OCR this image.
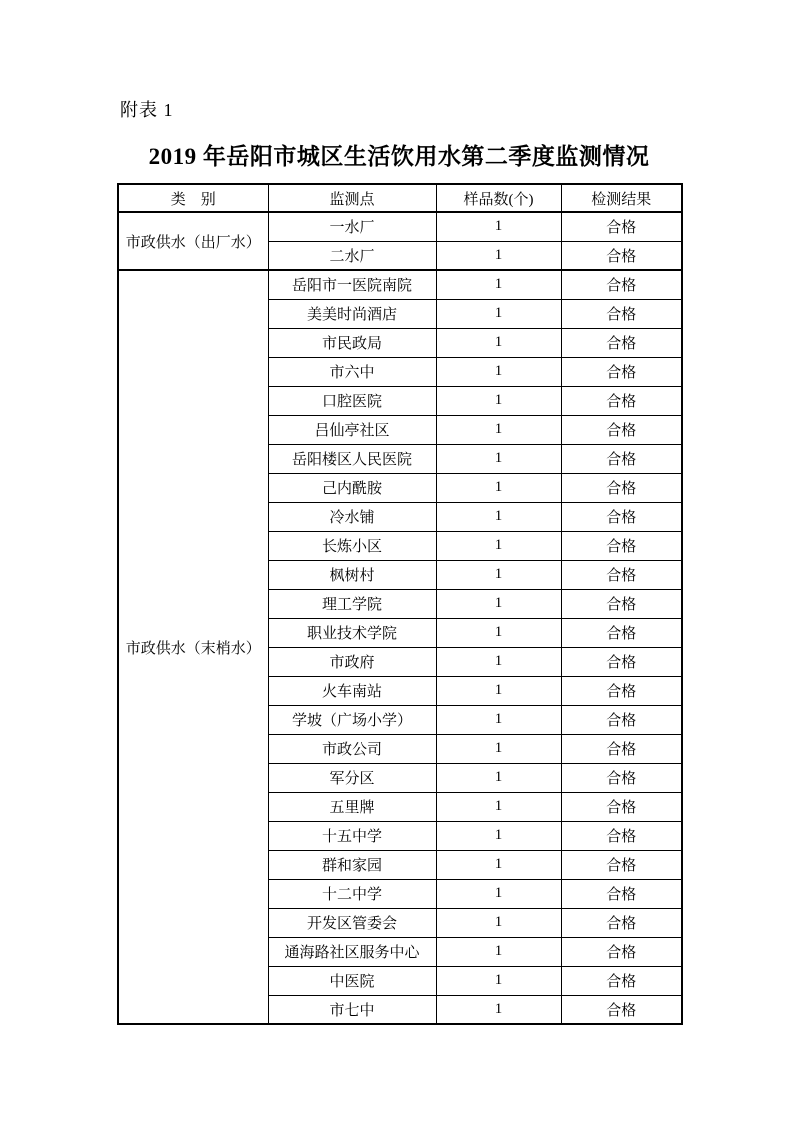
附表 1
2019 年岳阳市城区生活饮用水第二季度监测情况
类　别	监测点	样品数(个)	检测结果
市政供水（出厂水）	一水厂	1	合格
	二水厂	1	合格
市政供水（末梢水）	岳阳市一医院南院	1	合格
	美美时尚酒店	1	合格
	市民政局	1	合格
	市六中	1	合格
	口腔医院	1	合格
	吕仙亭社区	1	合格
	岳阳楼区人民医院	1	合格
	己内酰胺	1	合格
	冷水铺	1	合格
	长炼小区	1	合格
	枫树村	1	合格
	理工学院	1	合格
	职业技术学院	1	合格
	市政府	1	合格
	火车南站	1	合格
	学坡（广场小学）	1	合格
	市政公司	1	合格
	军分区	1	合格
	五里牌	1	合格
	十五中学	1	合格
	群和家园	1	合格
	十二中学	1	合格
	开发区管委会	1	合格
	通海路社区服务中心	1	合格
	中医院	1	合格
	市七中	1	合格
